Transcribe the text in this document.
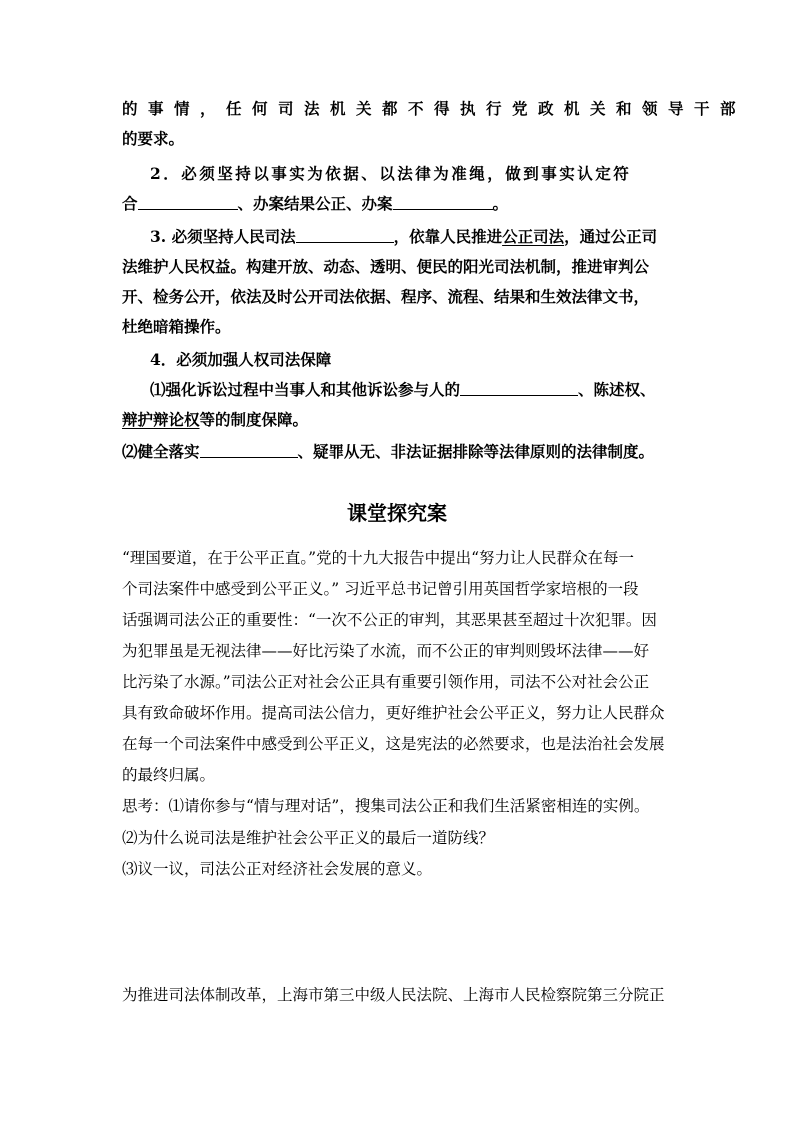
的事情，任何司法机关都不得执行党政机关和领导干部
的要求。
2．必须坚持以事实为依据、以法律为准绳，做到事实认定符
合	、办案结果公正、办案	。
3. 必须坚持人民司法	，依靠人民推进公正司法，通过公正司
法维护人民权益。构建开放、动态、透明、便民的阳光司法机制，推进审判公
开、检务公开，依法及时公开司法依据、程序、流程、结果和生效法律文书，
杜绝暗箱操作。
4．必须加强人权司法保障
⑴强化诉讼过程中当事人和其他诉讼参与人的	、陈述权、
辩护辩论权等的制度保障。
⑵健全落实	、疑罪从无、非法证据排除等法律原则的法律制度。
课堂探究案
“理国要道，在于公平正直。”党的十九大报告中提出“努力让人民群众在每一
个司法案件中感受到公平正义。” 习近平总书记曾引用英国哲学家培根的一段
话强调司法公正的重要性：“一次不公正的审判，其恶果甚至超过十次犯罪。因
为犯罪虽是无视法律——好比污染了水流，而不公正的审判则毁坏法律——好
比污染了水源。”司法公正对社会公正具有重要引领作用，司法不公对社会公正
具有致命破坏作用。提高司法公信力，更好维护社会公平正义，努力让人民群众
在每一个司法案件中感受到公平正义，这是宪法的必然要求，也是法治社会发展
的最终归属。
思考：⑴请你参与“情与理对话”，搜集司法公正和我们生活紧密相连的实例。
⑵为什么说司法是维护社会公平正义的最后一道防线？
⑶议一议，司法公正对经济社会发展的意义。
为推进司法体制改革，上海市第三中级人民法院、上海市人民检察院第三分院正
